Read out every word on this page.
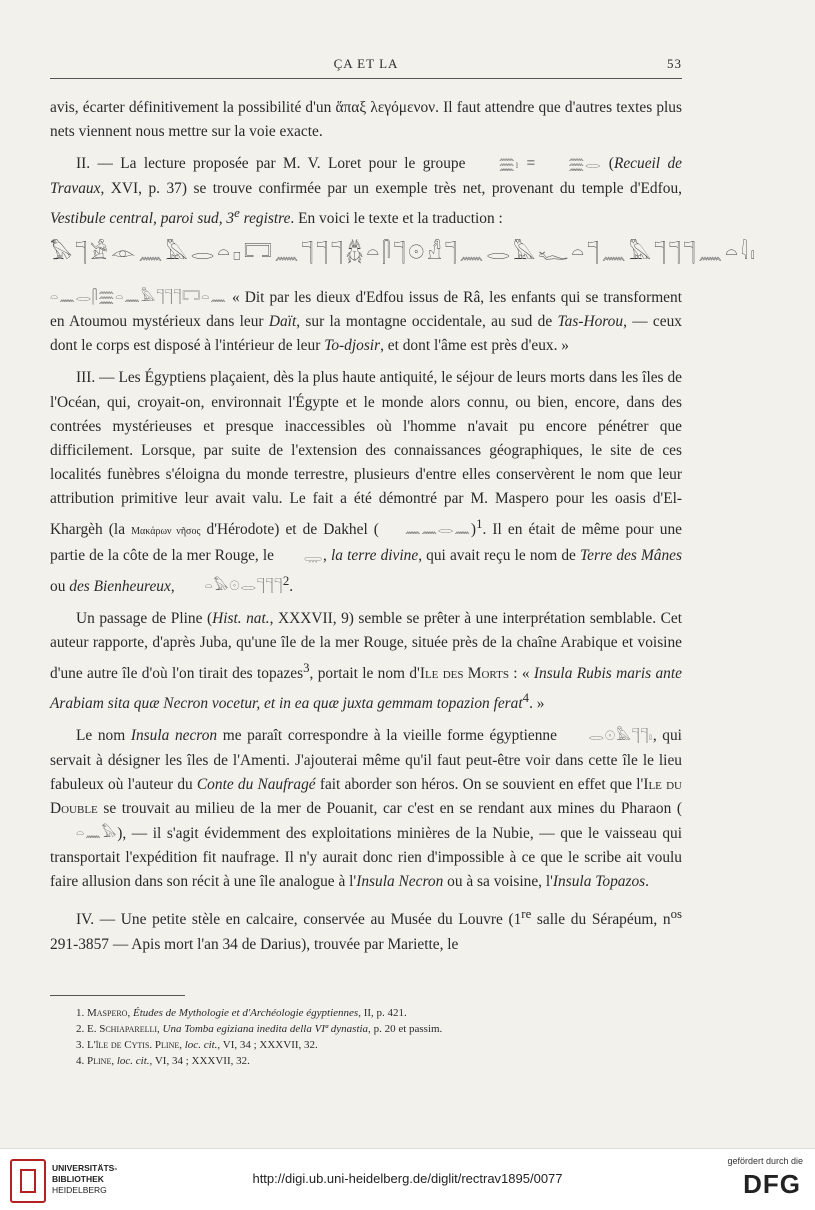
ÇA ET LA	53

avis, écarter définitivement la possibilité d'un ἅπαξ λεγόμενον. Il faut attendre que d'autres textes plus nets viennent nous mettre sur la voie exacte.

II. — La lecture proposée par M. V. Loret pour le groupe	𓈗𓏤 =	𓈗𓂋 (Recueil de Travaux, XVI, p. 37) se trouve confirmée par un exemple très net, provenant du temple d'Edfou, Vestibule central, paroi sud, 3e registre. En voici le texte et la traduction :

𓅃𓊹𓀀𓁹𓈖𓅓𓂋𓏏𓊪𓉐𓈖𓊹𓊹𓊹𓆣𓏏𓋴𓊹𓇳𓀭𓊹𓈖𓂋𓅓𓆑𓏏𓊹𓈖𓅓𓊹𓊹𓊹𓈖𓏏𓇋𓏤
𓏏𓈖𓂋𓋴𓈗𓏏𓈖𓅓𓊹𓊹𓊹𓉐𓏏𓈖 « Dit par les dieux d'Edfou issus de Râ, les enfants qui se transforment en Atoumou mystérieux dans leur Daït, sur la montagne occidentale, au sud de Tas-Horou, — ceux dont le corps est disposé à l'intérieur de leur To-djosir, et dont l'âme est près d'eux. »

III. — Les Égyptiens plaçaient, dès la plus haute antiquité, le séjour de leurs morts dans les îles de l'Océan, qui, croyait-on, environnait l'Égypte et le monde alors connu, ou bien, encore, dans des contrées mystérieuses et presque inaccessibles où l'homme n'avait pu encore pénétrer que difficilement. Lorsque, par suite de l'extension des connaissances géographiques, le site de ces localités funèbres s'éloigna du monde terrestre, plusieurs d'entre elles conservèrent le nom que leur attribution primitive leur avait valu. Le fait a été démontré par M. Maspero pour les oasis d'El-Khargèh (la Μακάρων νῆσος d'Hérodote) et de Dakhel ( 𓈖𓈖𓂋𓈖)$^1$. Il en était de même pour une partie de la côte de la mer Rouge, le 𓇾, la terre divine, qui avait reçu le nom de Terre des Mânes ou des Bienheureux, 𓏏𓅃𓇳𓂋𓊹𓊹𓊹$^2$.

Un passage de Pline (Hist. nat., XXXVII, 9) semble se prêter à une interprétation semblable. Cet auteur rapporte, d'après Juba, qu'une île de la mer Rouge, située près de la chaîne Arabique et voisine d'une autre île d'où l'on tirait des topazes$^3$, portait le nom d'Ile des Morts : « Insula Rubis maris ante Arabiam sita quæ Necron vocetur, et in ea quæ juxta gemmam topazion ferat$^4$. »

Le nom Insula necron me paraît correspondre à la vieille forme égyptienne 𓂋𓇳𓅓𓊹𓊹𓏤, qui servait à désigner les îles de l'Amenti. J'ajouterai même qu'il faut peut-être voir dans cette île le lieu fabuleux où l'auteur du Conte du Naufragé fait aborder son héros. On se souvient en effet que l'Ile du Double se trouvait au milieu de la mer de Pouanit, car c'est en se rendant aux mines du Pharaon (𓏏𓈖𓅃), — il s'agit évidemment des exploitations minières de la Nubie, — que le vaisseau qui transportait l'expédition fit naufrage. Il n'y aurait donc rien d'impossible à ce que le scribe ait voulu faire allusion dans son récit à une île analogue à l'Insula Necron ou à sa voisine, l'Insula Topazos.

IV. — Une petite stèle en calcaire, conservée au Musée du Louvre (1re salle du Sérapéum, $n^{os}$ 291-3857 — Apis mort l'an 34 de Darius), trouvée par Mariette, le

1. Maspero, Études de Mythologie et d'Archéologie égyptiennes, II, p. 421.
2. E. Schiaparelli, Una Tomba egiziana inedita della VIª dynastia, p. 20 et passim.
3. L'île de Cytis. Pline, loc. cit., VI, 34 ; XXXVII, 32.
4. Pline, loc. cit., VI, 34 ; XXXVII, 32.
UNIVERSITÄTS-
BIBLIOTHEK
HEIDELBERG
http://digi.ub.uni-heidelberg.de/diglit/rectrav1895/0077
gefördert durch die
DFG
